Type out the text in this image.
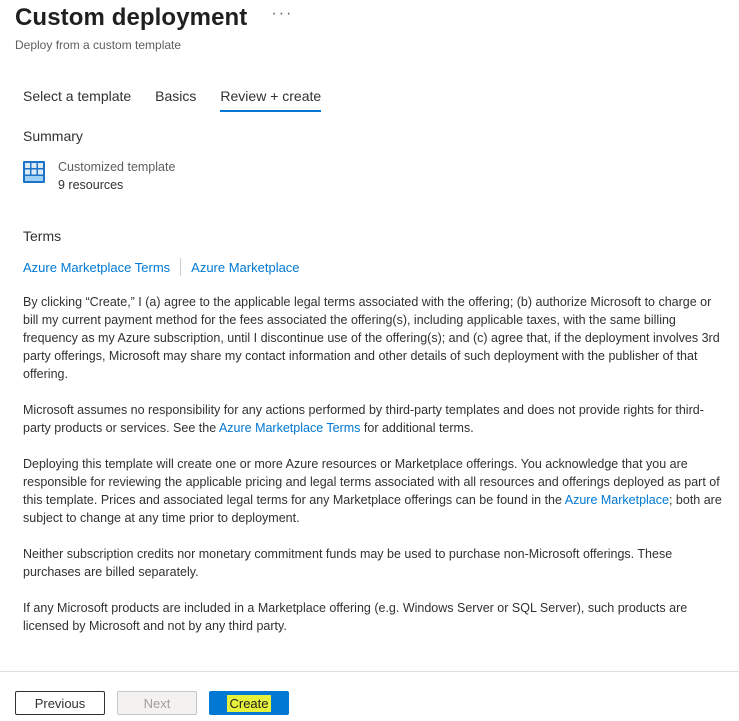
Custom deployment ···
Deploy from a custom template
Select a template Basics Review + create
Summary
Customized template
9 resources
Terms
Azure Marketplace Terms Azure Marketplace

By clicking “Create,” I (a) agree to the applicable legal terms associated with the offering; (b) authorize Microsoft to charge or bill my current payment method for the fees associated the offering(s), including applicable taxes, with the same billing frequency as my Azure subscription, until I discontinue use of the offering(s); and (c) agree that, if the deployment involves 3rd party offerings, Microsoft may share my contact information and other details of such deployment with the publisher of that offering.

Microsoft assumes no responsibility for any actions performed by third-party templates and does not provide rights for third-party products or services. See the Azure Marketplace Terms for additional terms.

Deploying this template will create one or more Azure resources or Marketplace offerings. You acknowledge that you are responsible for reviewing the applicable pricing and legal terms associated with all resources and offerings deployed as part of this template. Prices and associated legal terms for any Marketplace offerings can be found in the Azure Marketplace; both are subject to change at any time prior to deployment.

Neither subscription credits nor monetary commitment funds may be used to purchase non-Microsoft offerings. These purchases are billed separately.

If any Microsoft products are included in a Marketplace offering (e.g. Windows Server or SQL Server), such products are licensed by Microsoft and not by any third party.

Previous	Next	Create
